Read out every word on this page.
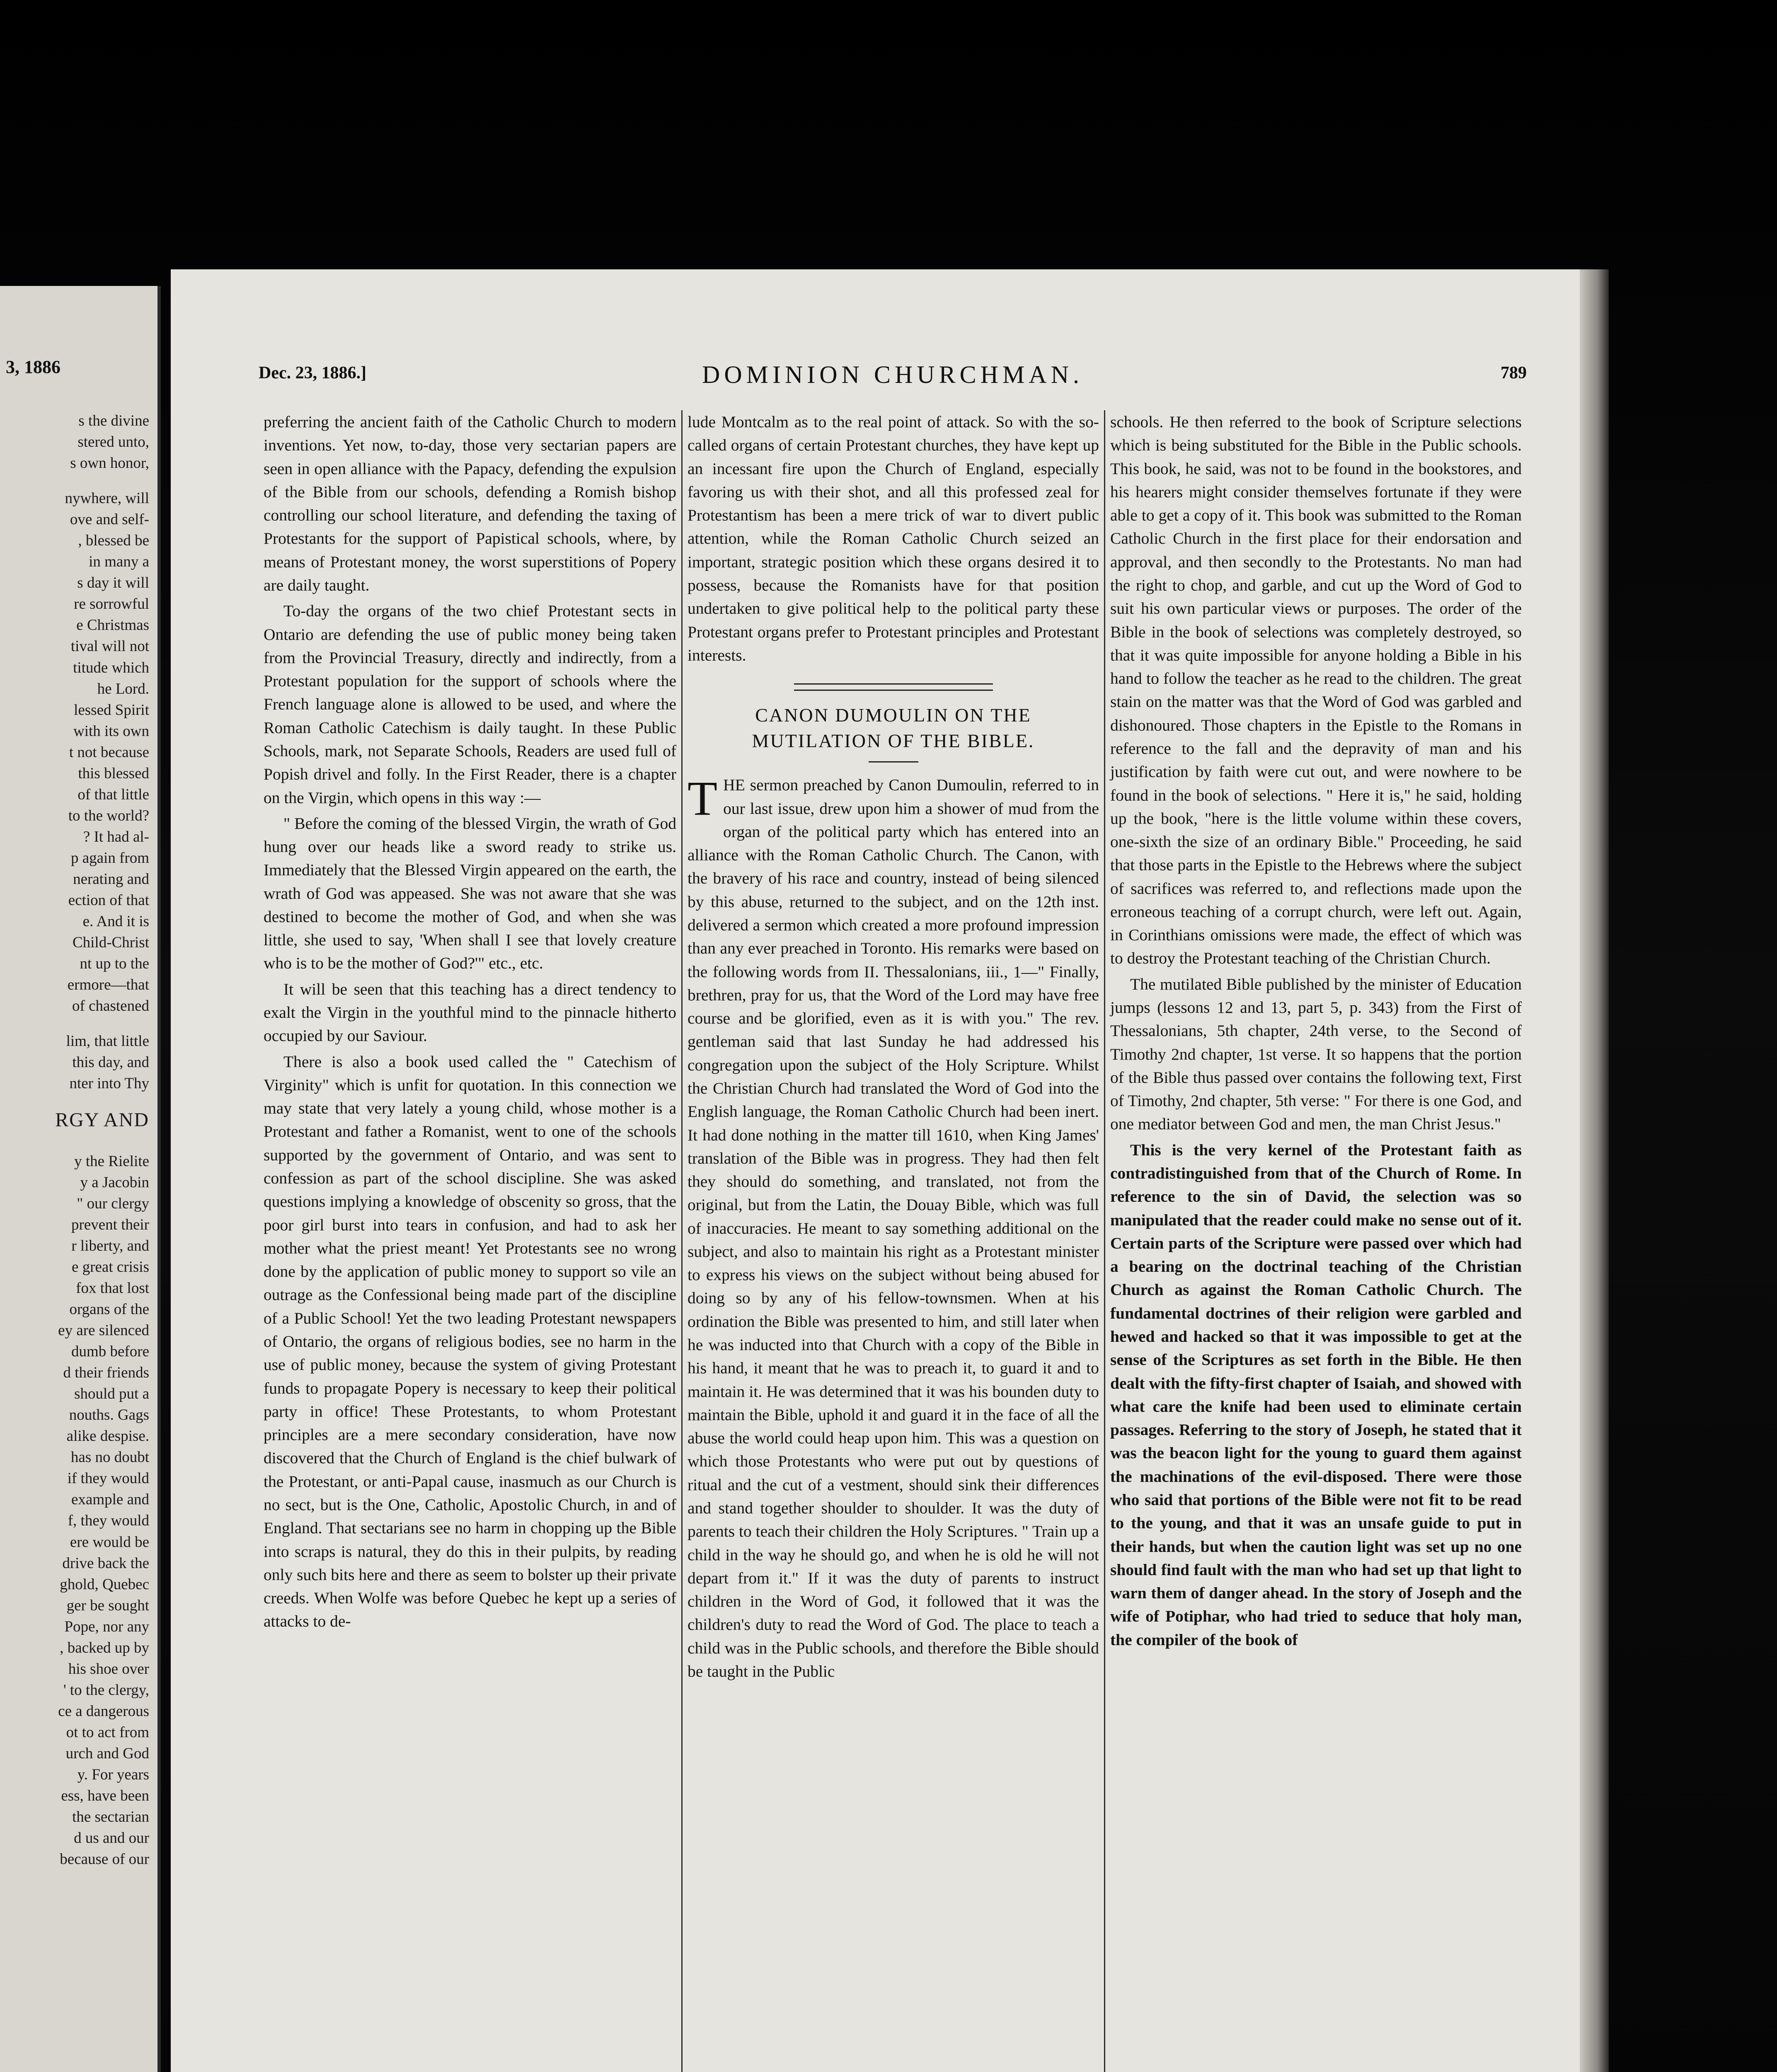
3, 1886
s the divine
stered unto,
s own honor,
nywhere, will
ove and self-
, blessed be
in many a
s day it will
re sorrowful
e Christmas
tival will not
titude which
he Lord.
lessed Spirit
with its own
t not because
this blessed
of that little
to the world?
? It had al-
p again from
nerating and
ection of that
e. And it is
Child-Christ
nt up to the
ermore—that
of chastened
lim, that little
this day, and
nter into Thy
RGY AND
y the Rielite
y a Jacobin
" our clergy
prevent their
r liberty, and
e great crisis
fox that lost
organs of the
ey are silenced
dumb before
d their friends
should put a
nouths. Gags
alike despise.
has no doubt
if they would
example and
f, they would
ere would be
drive back the
ghold, Quebec
ger be sought
Pope, nor any
, backed up by
his shoe over
' to the clergy,
ce a dangerous
ot to act from
urch and God
y. For years
ess, have been
the sectarian
d us and our
because of our
Dec. 23, 1886.]	DOMINION CHURCHMAN.	789

preferring the ancient faith of the Catholic Church to modern inventions. Yet now, to-day, those very sectarian papers are seen in open alliance with the Papacy, defending the expulsion of the Bible from our schools, defending a Romish bishop controlling our school literature, and defending the taxing of Protestants for the support of Papistical schools, where, by means of Protestant money, the worst superstitions of Popery are daily taught.

To-day the organs of the two chief Protestant sects in Ontario are defending the use of public money being taken from the Provincial Treasury, directly and indirectly, from a Protestant population for the support of schools where the French language alone is allowed to be used, and where the Roman Catholic Catechism is daily taught. In these Public Schools, mark, not Separate Schools, Readers are used full of Popish drivel and folly. In the First Reader, there is a chapter on the Virgin, which opens in this way :—

" Before the coming of the blessed Virgin, the wrath of God hung over our heads like a sword ready to strike us. Immediately that the Blessed Virgin appeared on the earth, the wrath of God was appeased. She was not aware that she was destined to become the mother of God, and when she was little, she used to say, 'When shall I see that lovely creature who is to be the mother of God?'" etc., etc.

It will be seen that this teaching has a direct tendency to exalt the Virgin in the youthful mind to the pinnacle hitherto occupied by our Saviour.

There is also a book used called the " Catechism of Virginity" which is unfit for quotation. In this connection we may state that very lately a young child, whose mother is a Protestant and father a Romanist, went to one of the schools supported by the government of Ontario, and was sent to confession as part of the school discipline. She was asked questions implying a knowledge of obscenity so gross, that the poor girl burst into tears in confusion, and had to ask her mother what the priest meant! Yet Protestants see no wrong done by the application of public money to support so vile an outrage as the Confessional being made part of the discipline of a Public School! Yet the two leading Protestant newspapers of Ontario, the organs of religious bodies, see no harm in the use of public money, because the system of giving Protestant funds to propagate Popery is necessary to keep their political party in office! These Protestants, to whom Protestant principles are a mere secondary consideration, have now discovered that the Church of England is the chief bulwark of the Protestant, or anti-Papal cause, inasmuch as our Church is no sect, but is the One, Catholic, Apostolic Church, in and of England. That sectarians see no harm in chopping up the Bible into scraps is natural, they do this in their pulpits, by reading only such bits here and there as seem to bolster up their private creeds. When Wolfe was before Quebec he kept up a series of attacks to de-

lude Montcalm as to the real point of attack. So with the so-called organs of certain Protestant churches, they have kept up an incessant fire upon the Church of England, especially favoring us with their shot, and all this professed zeal for Protestantism has been a mere trick of war to divert public attention, while the Roman Catholic Church seized an important, strategic position which these organs desired it to possess, because the Romanists have for that position undertaken to give political help to the political party these Protestant organs prefer to Protestant principles and Protestant interests.

CANON DUMOULIN ON THE MUTILATION OF THE BIBLE.

T HE sermon preached by Canon Dumoulin, referred to in our last issue, drew upon him a shower of mud from the organ of the political party which has entered into an alliance with the Roman Catholic Church. The Canon, with the bravery of his race and country, instead of being silenced by this abuse, returned to the subject, and on the 12th inst. delivered a sermon which created a more profound impression than any ever preached in Toronto. His remarks were based on the following words from II. Thessalonians, iii., 1—" Finally, brethren, pray for us, that the Word of the Lord may have free course and be glorified, even as it is with you." The rev. gentleman said that last Sunday he had addressed his congregation upon the subject of the Holy Scripture. Whilst the Christian Church had translated the Word of God into the English language, the Roman Catholic Church had been inert. It had done nothing in the matter till 1610, when King James' translation of the Bible was in progress. They had then felt they should do something, and translated, not from the original, but from the Latin, the Douay Bible, which was full of inaccuracies. He meant to say something additional on the subject, and also to maintain his right as a Protestant minister to express his views on the subject without being abused for doing so by any of his fellow-townsmen. When at his ordination the Bible was presented to him, and still later when he was inducted into that Church with a copy of the Bible in his hand, it meant that he was to preach it, to guard it and to maintain it. He was determined that it was his bounden duty to maintain the Bible, uphold it and guard it in the face of all the abuse the world could heap upon him. This was a question on which those Protestants who were put out by questions of ritual and the cut of a vestment, should sink their differences and stand together shoulder to shoulder. It was the duty of parents to teach their children the Holy Scriptures. " Train up a child in the way he should go, and when he is old he will not depart from it." If it was the duty of parents to instruct children in the Word of God, it followed that it was the children's duty to read the Word of God. The place to teach a child was in the Public schools, and therefore the Bible should be taught in the Public

schools. He then referred to the book of Scripture selections which is being substituted for the Bible in the Public schools. This book, he said, was not to be found in the bookstores, and his hearers might consider themselves fortunate if they were able to get a copy of it. This book was submitted to the Roman Catholic Church in the first place for their endorsation and approval, and then secondly to the Protestants. No man had the right to chop, and garble, and cut up the Word of God to suit his own particular views or purposes. The order of the Bible in the book of selections was completely destroyed, so that it was quite impossible for anyone holding a Bible in his hand to follow the teacher as he read to the children. The great stain on the matter was that the Word of God was garbled and dishonoured. Those chapters in the Epistle to the Romans in reference to the fall and the depravity of man and his justification by faith were cut out, and were nowhere to be found in the book of selections. " Here it is," he said, holding up the book, "here is the little volume within these covers, one-sixth the size of an ordinary Bible." Proceeding, he said that those parts in the Epistle to the Hebrews where the subject of sacrifices was referred to, and reflections made upon the erroneous teaching of a corrupt church, were left out. Again, in Corinthians omissions were made, the effect of which was to destroy the Protestant teaching of the Christian Church.

The mutilated Bible published by the minister of Education jumps (lessons 12 and 13, part 5, p. 343) from the First of Thessalonians, 5th chapter, 24th verse, to the Second of Timothy 2nd chapter, 1st verse. It so happens that the portion of the Bible thus passed over contains the following text, First of Timothy, 2nd chapter, 5th verse: " For there is one God, and one mediator between God and men, the man Christ Jesus."

This is the very kernel of the Protestant faith as contradistinguished from that of the Church of Rome. In reference to the sin of David, the selection was so manipulated that the reader could make no sense out of it. Certain parts of the Scripture were passed over which had a bearing on the doctrinal teaching of the Christian Church as against the Roman Catholic Church. The fundamental doctrines of their religion were garbled and hewed and hacked so that it was impossible to get at the sense of the Scriptures as set forth in the Bible. He then dealt with the fifty-first chapter of Isaiah, and showed with what care the knife had been used to eliminate certain passages. Referring to the story of Joseph, he stated that it was the beacon light for the young to guard them against the machinations of the evil-disposed. There were those who said that portions of the Bible were not fit to be read to the young, and that it was an unsafe guide to put in their hands, but when the caution light was set up no one should find fault with the man who had set up that light to warn them of danger ahead. In the story of Joseph and the wife of Potiphar, who had tried to seduce that holy man, the compiler of the book of
